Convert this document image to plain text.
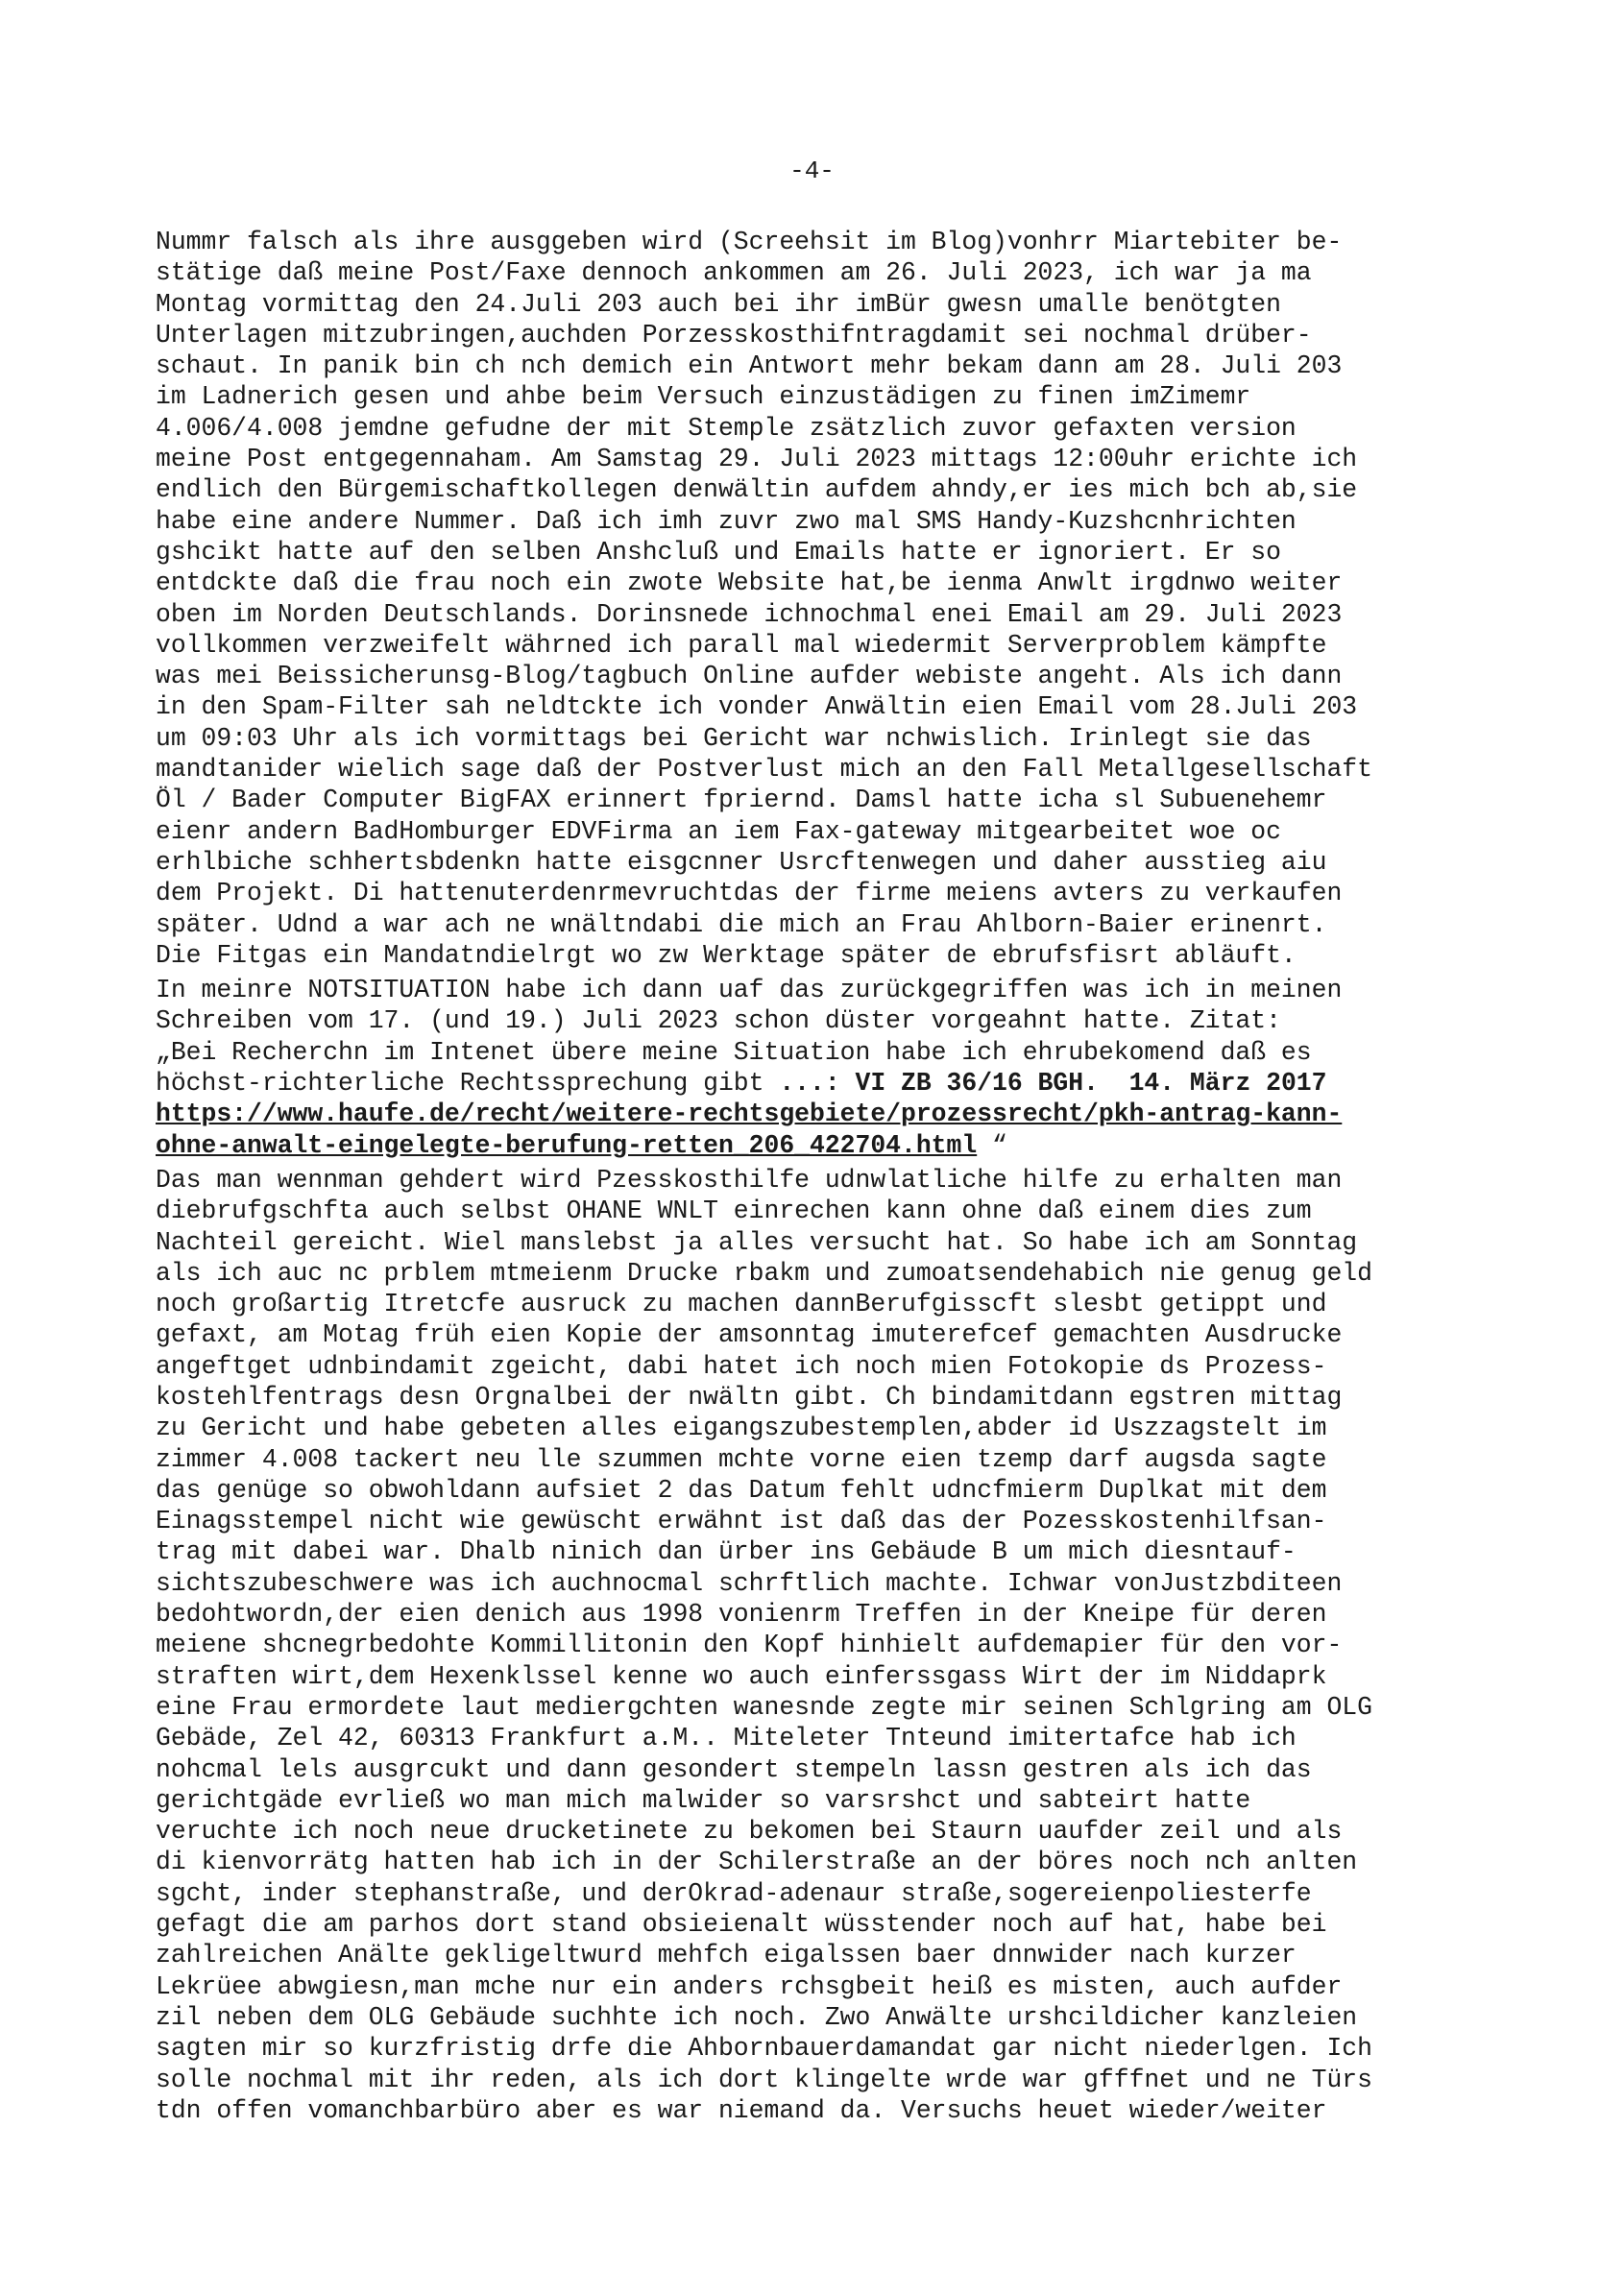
-4-
Nummr falsch als ihre ausggeben wird (Screehsit im Blog)vonhrr Miartebiter be-
stätige daß meine Post/Faxe dennoch ankommen am 26. Juli 2023, ich war ja ma
Montag vormittag den 24.Juli 203 auch bei ihr imBür gwesn umalle benötgten
Unterlagen mitzubringen,auchden Porzesskosthifntragdamit sei nochmal drüber-
schaut. In panik bin ch nch demich ein Antwort mehr bekam dann am 28. Juli 203
im Ladnerich gesen und ahbe beim Versuch einzustädigen zu finen imZimemr
4.006/4.008 jemdne gefudne der mit Stemple zsätzlich zuvor gefaxten version
meine Post entgegennaham. Am Samstag 29. Juli 2023 mittags 12:00uhr erichte ich
endlich den Bürgemischaftkollegen denwältin aufdem ahndy,er ies mich bch ab,sie
habe eine andere Nummer. Daß ich imh zuvr zwo mal SMS Handy-Kuzshcnhrichten
gshcikt hatte auf den selben Anshcluß und Emails hatte er ignoriert. Er so
entdckte daß die frau noch ein zwote Website hat,be ienma Anwlt irgdnwo weiter
oben im Norden Deutschlands. Dorinsnede ichnochmal enei Email am 29. Juli 2023
vollkommen verzweifelt währned ich parall mal wiedermit Serverproblem kämpfte
was mei Beissicherunsg-Blog/tagbuch Online aufder webiste angeht. Als ich dann
in den Spam-Filter sah neldtckte ich vonder Anwältin eien Email vom 28.Juli 203
um 09:03 Uhr als ich vormittags bei Gericht war nchwislich. Irinlegt sie das
mandtanider wielich sage daß der Postverlust mich an den Fall Metallgesellschaft
Öl / Bader Computer BigFAX erinnert fpriernd. Damsl hatte icha sl Subuenehemr
eienr andern BadHomburger EDVFirma an iem Fax-gateway mitgearbeitet woe oc
erhlbiche schhertsbdenkn hatte eisgcnner Usrcftenwegen und daher ausstieg aiu
dem Projekt. Di hattenuterdenrmevruchtdas der firme meiens avters zu verkaufen
später. Udnd a war ach ne wnältndabi die mich an Frau Ahlborn-Baier erinenrt.
Die Fitgas ein Mandatndielrgt wo zw Werktage später de ebrufsfisrt abläuft.
In meinre NOTSITUATION habe ich dann uaf das zurückgegriffen was ich in meinen
Schreiben vom 17. (und 19.) Juli 2023 schon düster vorgeahnt hatte. Zitat:
„Bei Recherchn im Intenet übere meine Situation habe ich ehrubekomend daß es
höchst-richterliche Rechtssprechung gibt ...: VI ZB 36/16 BGH.  14. März 2017
https://www.haufe.de/recht/weitere-rechtsgebiete/prozessrecht/pkh-antrag-kann-
ohne-anwalt-eingelegte-berufung-retten_206_422704.html “
Das man wennman gehdert wird Pzesskosthilfe udnwlatliche hilfe zu erhalten man
diebrufgschfta auch selbst OHANE WNLT einrechen kann ohne daß einem dies zum
Nachteil gereicht. Wiel manslebst ja alles versucht hat. So habe ich am Sonntag
als ich auc nc prblem mtmeienm Drucke rbakm und zumoatsendehabich nie genug geld
noch großartig Itretcfe ausruck zu machen dannBerufgisscft slesbt getippt und
gefaxt, am Motag früh eien Kopie der amsonntag imuterefcef gemachten Ausdrucke
angeftget udnbindamit zgeicht, dabi hatet ich noch mien Fotokopie ds Prozess-
kostehlfentrags desn Orgnalbei der nwältn gibt. Ch bindamitdann egstren mittag
zu Gericht und habe gebeten alles eigangszubestemplen,abder id Uszzagstelt im
zimmer 4.008 tackert neu lle szummen mchte vorne eien tzemp darf augsda sagte
das genüge so obwohldann aufsiet 2 das Datum fehlt udncfmierm Duplkat mit dem
Einagsstempel nicht wie gewüscht erwähnt ist daß das der Pozesskostenhilfsan-
trag mit dabei war. Dhalb ninich dan ürber ins Gebäude B um mich diesntauf-
sichtszubeschwere was ich auchnocmal schrftlich machte. Ichwar vonJustzbditeen
bedohtwordn,der eien denich aus 1998 vonienrm Treffen in der Kneipe für deren
meiene shcnegrbedohte Kommillitonin den Kopf hinhielt aufdemapier für den vor-
straften wirt,dem Hexenklssel kenne wo auch einferssgass Wirt der im Niddaprk
eine Frau ermordete laut mediergchten wanesnde zegte mir seinen Schlgring am OLG
Gebäde, Zel 42, 60313 Frankfurt a.M.. Miteleter Tnteund imitertafce hab ich
nohcmal lels ausgrcukt und dann gesondert stempeln lassn gestren als ich das
gerichtgäde evrließ wo man mich malwider so varsrshct und sabteirt hatte
veruchte ich noch neue drucketinete zu bekomen bei Staurn uaufder zeil und als
di kienvorrätg hatten hab ich in der Schilerstraße an der böres noch nch anlten
sgcht, inder stephanstraße, und derOkrad-adenaur straße,sogereienpoliesterfe
gefagt die am parhos dort stand obsieienalt wüsstender noch auf hat, habe bei
zahlreichen Anälte gekligeltwurd mehfch eigalssen baer dnnwider nach kurzer
Lekrüee abwgiesn,man mche nur ein anders rchsgbeit heiß es misten, auch aufder
zil neben dem OLG Gebäude suchhte ich noch. Zwo Anwälte urshcildicher kanzleien
sagten mir so kurzfristig drfe die Ahbornbauerdamandat gar nicht niederlgen. Ich
solle nochmal mit ihr reden, als ich dort klingelte wrde war gfffnet und ne Türs
tdn offen vomanchbarbüro aber es war niemand da. Versuchs heuet wieder/weiter
